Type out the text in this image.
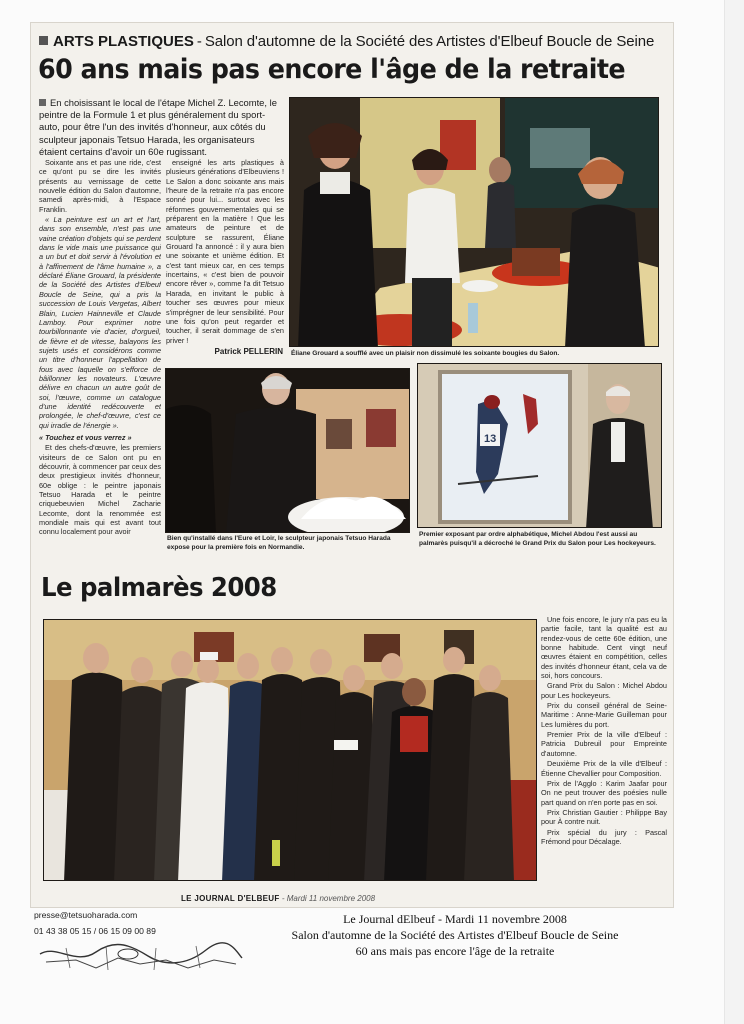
ARTS PLASTIQUES - Salon d'automne de la Société des Artistes d'Elbeuf Boucle de Seine
60 ans mais pas encore l'âge de la retraite
En choisissant le local de l'étape Michel Z. Lecomte, le peintre de la Formule 1 et plus généralement du sport-auto, pour être l'un des invités d'honneur, aux côtés du sculpteur japonais Tetsuo Harada, les organisateurs étaient certains d'avoir un 60e rugissant.

Soixante ans et pas une ride, c'est ce qu'ont pu se dire les invités présents au vernissage de cette nouvelle édition du Salon d'automne, samedi après-midi, à l'Espace Franklin.

« La peinture est un art et l'art, dans son ensemble, n'est pas une vaine création d'objets qui se perdent dans le vide mais une puissance qui a un but et doit servir à l'évolution et à l'affinement de l'âme humaine », a déclaré Éliane Grouard, la présidente de la Société des Artistes d'Elbeuf Boucle de Seine, qui a pris la succession de Louis Vergetas, Albert Blain, Lucien Hainneville et Claude Lamboy. Pour exprimer notre tourbillonnante vie d'acier, d'orgueil, de fièvre et de vitesse, balayons les sujets usés et considérons comme un titre d'honneur l'appellation de fous avec laquelle on s'efforce de bâillonner les novateurs. L'œuvre délivre en chacun un autre goût de soi, l'œuvre, comme un catalogue d'une identité redécouverte et prolongée, le chef-d'œuvre, c'est ce qui irradie de l'énergie ».

« Touchez et vous verrez »

Et des chefs-d'œuvre, les premiers visiteurs de ce Salon ont pu en découvrir, à commencer par ceux des deux prestigieux invités d'honneur, 60e oblige : le peintre japonais Tetsuo Harada et le peintre criquebeuvien Michel Zacharie Lecomte, dont la renommée est mondiale mais qui est avant tout connu localement pour avoir

enseigné les arts plastiques à plusieurs générations d'Elbeuviens ! Le Salon a donc soixante ans mais l'heure de la retraite n'a pas encore sonné pour lui... surtout avec les réformes gouvernementales qui se préparent en la matière ! Que les amateurs de peinture et de sculpture se rassurent, Éliane Grouard l'a annoncé : il y aura bien une soixante et unième édition. Et c'est tant mieux car, en ces temps incertains, « c'est bien de pouvoir encore rêver », comme l'a dit Tetsuo Harada, en invitant le public à toucher ses œuvres pour mieux s'imprégner de leur sensibilité. Pour une fois qu'on peut regarder et toucher, il serait dommage de s'en priver !

Patrick PELLERIN Éliane Grouard a soufflé avec un plaisir non dissimulé les soixante bougies du Salon.
Bien qu'installé dans l'Eure et Loir, le sculpteur japonais Tetsuo Harada expose pour la première fois en Normandie.
13
Premier exposant par ordre alphabétique, Michel Abdou l'est aussi au palmarès puisqu'il a décroché le Grand Prix du Salon pour Les hockeyeurs.
Le palmarès 2008

Une fois encore, le jury n'a pas eu la partie facile, tant la qualité est au rendez-vous de cette 60e édition, une bonne habitude. Cent vingt neuf œuvres étaient en compétition, celles des invités d'honneur étant, cela va de soi, hors concours.

Grand Prix du Salon : Michel Abdou pour Les hockeyeurs.

Prix du conseil général de Seine-Maritime : Anne-Marie Guilleman pour Les lumières du port.

Premier Prix de la ville d'Elbeuf : Patricia Dubreuil pour Empreinte d'automne.

Deuxième Prix de la ville d'Elbeuf : Étienne Chevallier pour Composition.

Prix de l'Agglo : Karim Jaafar pour On ne peut trouver des poésies nulle part quand on n'en porte pas en soi.

Prix Christian Gautier : Philippe Bay pour À contre nuit.

Prix spécial du jury : Pascal Frémond pour Décalage.

LE JOURNAL D'ELBEUF - Mardi 11 novembre 2008
presse@tetsuoharada.com
01 43 38 05 15 / 06 15 09 00 89
Le Journal dElbeuf - Mardi 11 novembre 2008
Salon d'automne de la Société des Artistes d'Elbeuf Boucle de Seine
60 ans mais pas encore l'âge de la retraite
